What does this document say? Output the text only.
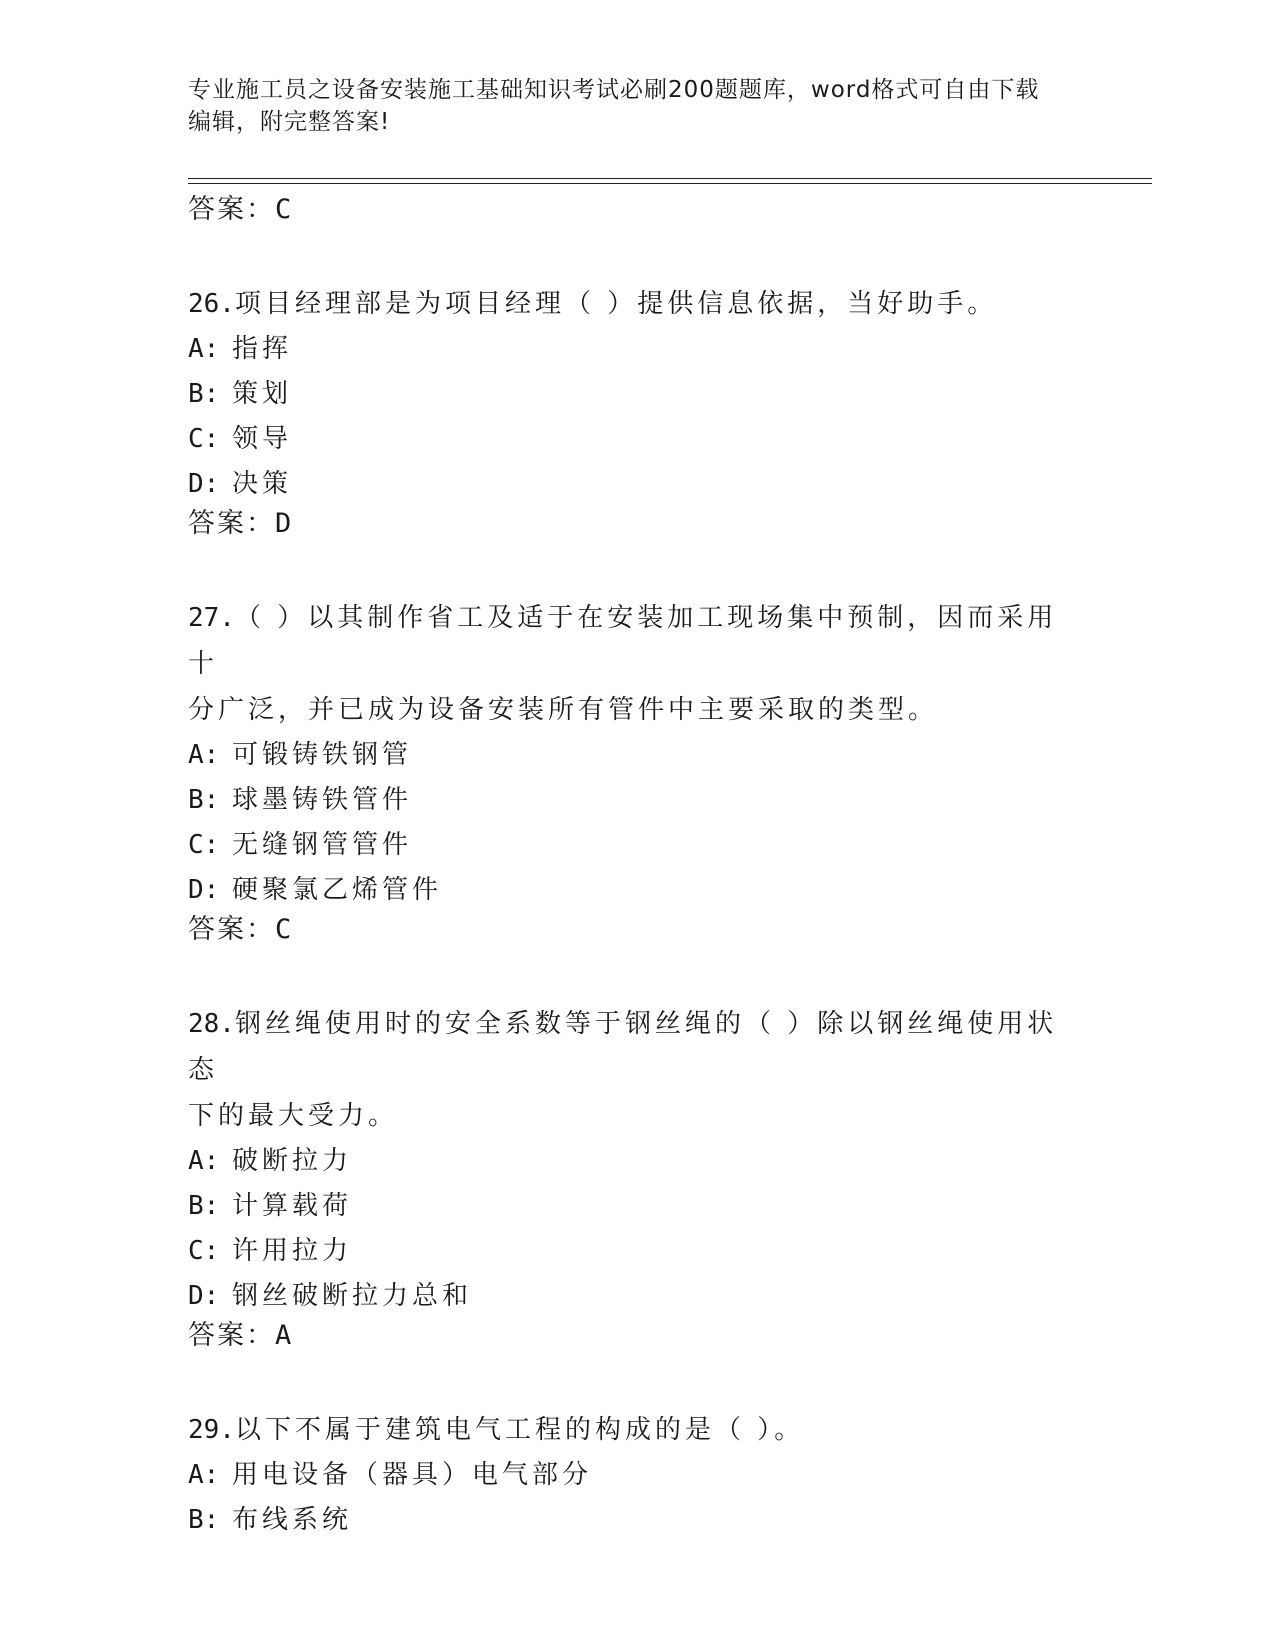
专业施工员之设备安装施工基础知识考试必刷200题题库，word格式可自由下载
编辑，附完整答案!

答案：C

26.项目经理部是为项目经理（ ）提供信息依据，当好助手。

A: 指挥

B: 策划

C: 领导

D: 决策

答案：D

27.（ ）以其制作省工及适于在安装加工现场集中预制，因而采用十

分广泛，并已成为设备安装所有管件中主要采取的类型。

A: 可锻铸铁钢管

B: 球墨铸铁管件

C: 无缝钢管管件

D: 硬聚氯乙烯管件

答案：C

28.钢丝绳使用时的安全系数等于钢丝绳的（ ）除以钢丝绳使用状态

下的最大受力。

A: 破断拉力

B: 计算载荷

C: 许用拉力

D: 钢丝破断拉力总和

答案：A

29.以下不属于建筑电气工程的构成的是（ ）。

A: 用电设备（器具）电气部分

B: 布线系统
